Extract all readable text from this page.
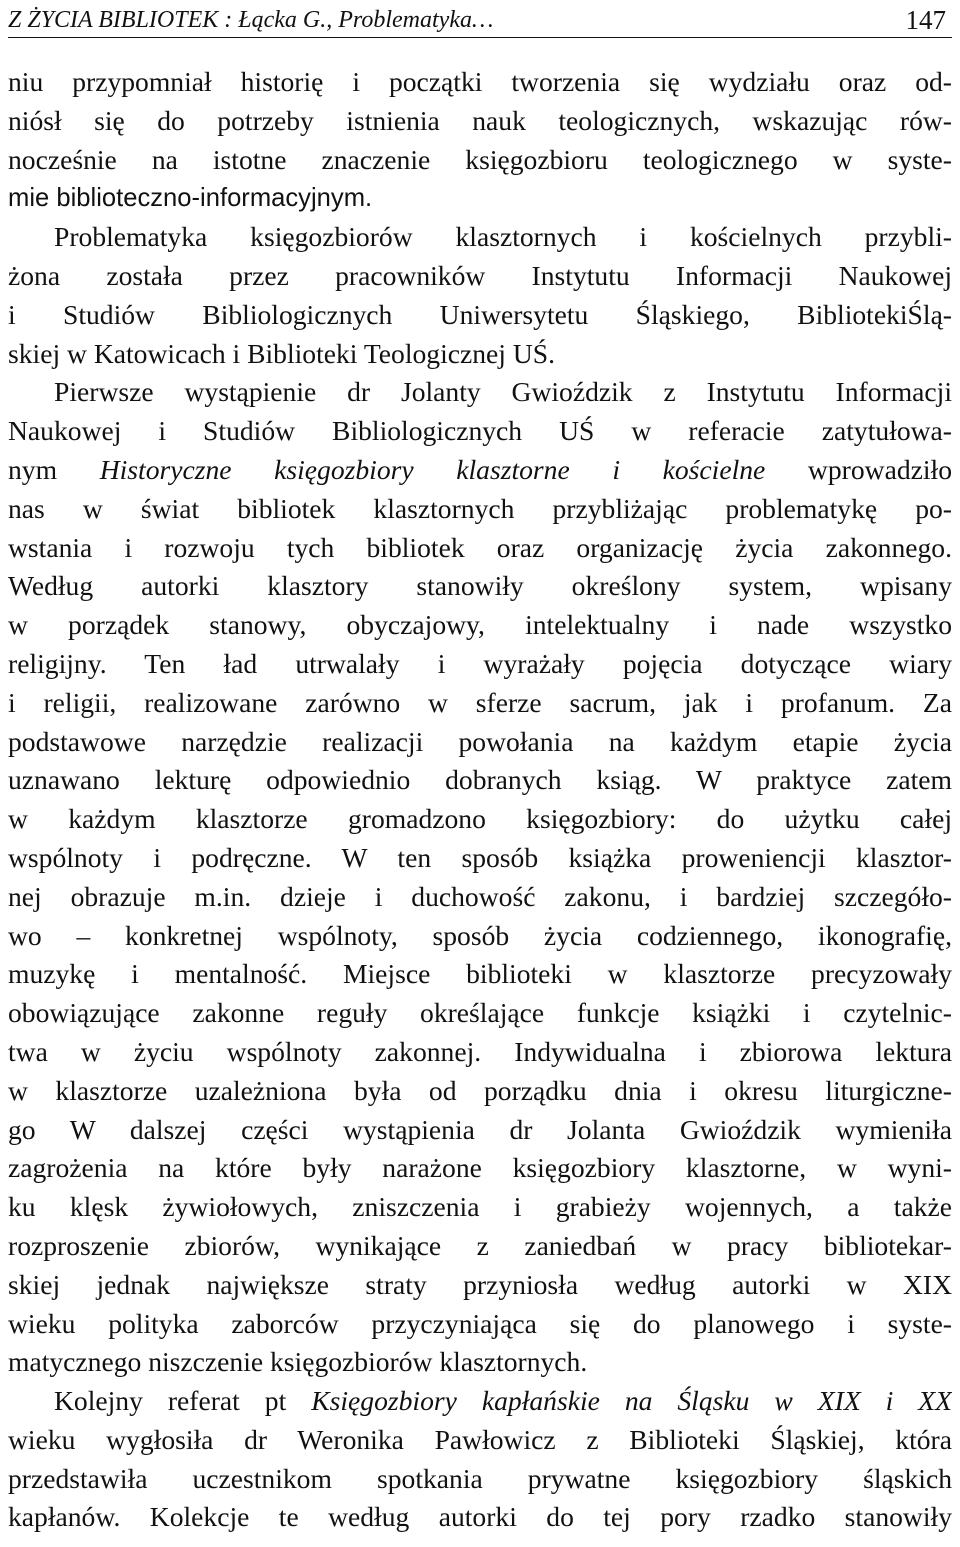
Z ŻYCIA BIBLIOTEK : Łącka G., Problematyka…	147
niu przypomniał historię i początki tworzenia się wydziału oraz od-
niósł się do potrzeby istnienia nauk teologicznych, wskazując rów-
nocześnie na istotne znaczenie księgozbioru teologicznego w syste-
mie biblioteczno-informacyjnym.
Problematyka księgozbiorów klasztornych i kościelnych przybli-
żona została przez pracowników Instytutu Informacji Naukowej
i Studiów Bibliologicznych Uniwersytetu Śląskiego, BibliotekiŚlą-
skiej w Katowicach i Biblioteki Teologicznej UŚ.
Pierwsze wystąpienie dr Jolanty Gwioździk z Instytutu Informacji
Naukowej i Studiów Bibliologicznych UŚ w referacie zatytułowa-
nym Historyczne księgozbiory klasztorne i kościelne wprowadziło
nas w świat bibliotek klasztornych przybliżając problematykę po-
wstania i rozwoju tych bibliotek oraz organizację życia zakonnego.
Według autorki klasztory stanowiły określony system, wpisany
w porządek stanowy, obyczajowy, intelektualny i nade wszystko
religijny. Ten ład utrwalały i wyrażały pojęcia dotyczące wiary
i religii, realizowane zarówno w sferze sacrum, jak i profanum. Za
podstawowe narzędzie realizacji powołania na każdym etapie życia
uznawano lekturę odpowiednio dobranych ksiąg. W praktyce zatem
w każdym klasztorze gromadzono księgozbiory: do użytku całej
wspólnoty i podręczne. W ten sposób książka proweniencji klasztor-
nej obrazuje m.in. dzieje i duchowość zakonu, i bardziej szczegóło-
wo – konkretnej wspólnoty, sposób życia codziennego, ikonografię,
muzykę i mentalność. Miejsce biblioteki w klasztorze precyzowały
obowiązujące zakonne reguły określające funkcje książki i czytelnic-
twa w życiu wspólnoty zakonnej. Indywidualna i zbiorowa lektura
w klasztorze uzależniona była od porządku dnia i okresu liturgiczne-
go W dalszej części wystąpienia dr Jolanta Gwioździk wymieniła
zagrożenia na które były narażone księgozbiory klasztorne, w wyni-
ku klęsk żywiołowych, zniszczenia i grabieży wojennych, a także
rozproszenie zbiorów, wynikające z zaniedbań w pracy bibliotekar-
skiej jednak największe straty przyniosła według autorki w XIX
wieku polityka zaborców przyczyniająca się do planowego i syste-
matycznego niszczenie księgozbiorów klasztornych.
Kolejny referat pt Księgozbiory kapłańskie na Śląsku w XIX i XX
wieku wygłosiła dr Weronika Pawłowicz z Biblioteki Śląskiej, która
przedstawiła uczestnikom spotkania prywatne księgozbiory śląskich
kapłanów. Kolekcje te według autorki do tej pory rzadko stanowiły
